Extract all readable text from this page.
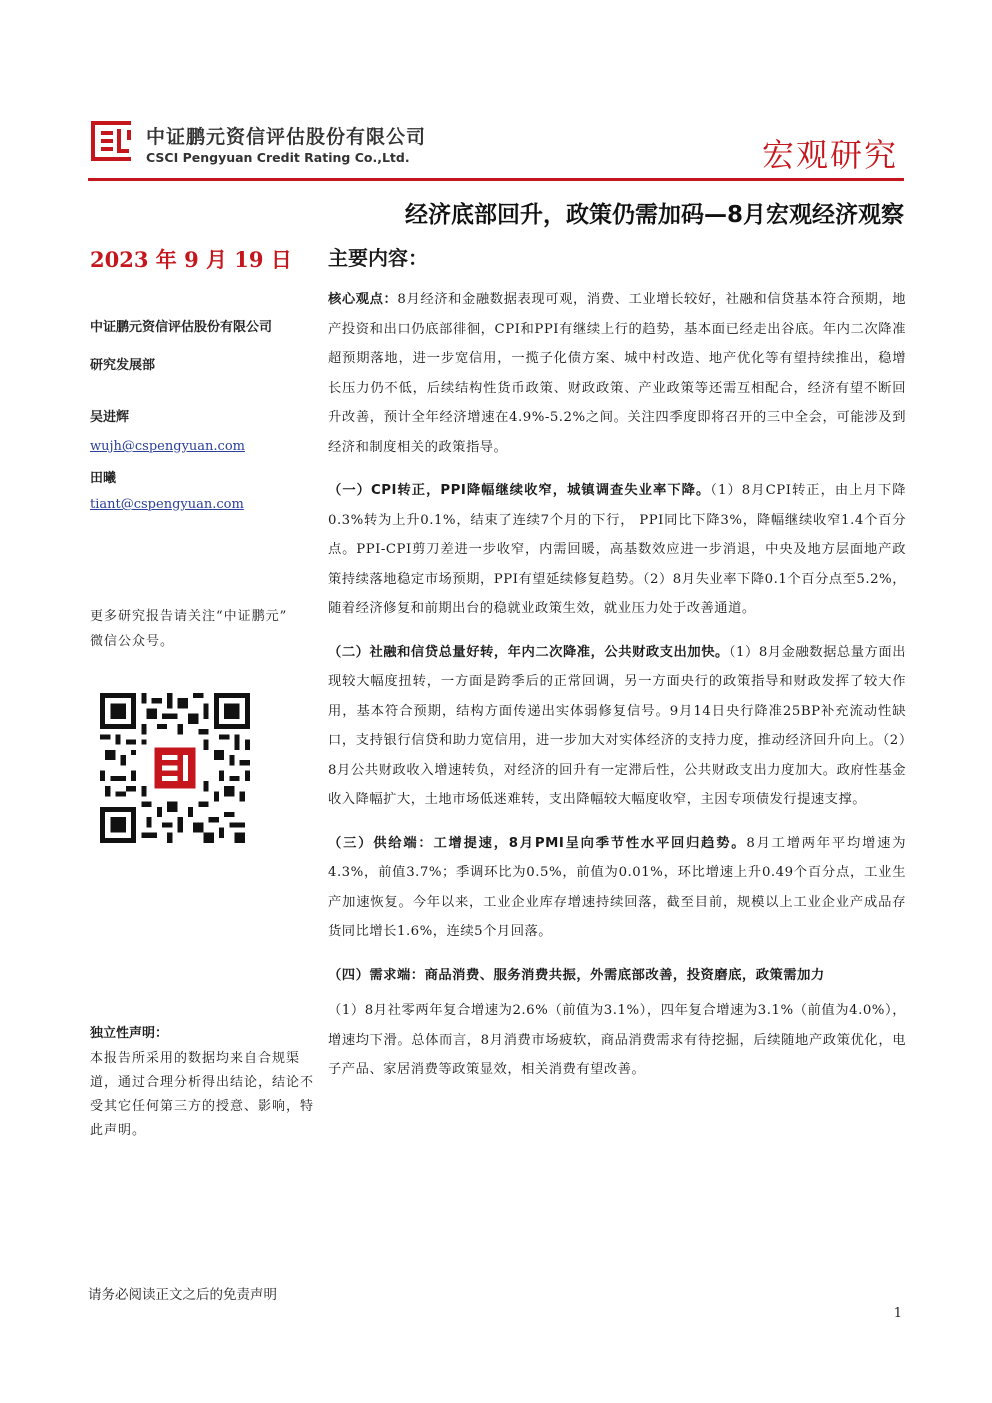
中证鹏元资信评估股份有限公司
CSCI Pengyuan Credit Rating Co.,Ltd.	宏观研究
经济底部回升，政策仍需加码—8月宏观经济观察
2023 年 9 月 19 日
中证鹏元资信评估股份有限公司
研究发展部
吴进辉
wujh@cspengyuan.com
田曦
tiant@cspengyuan.com
更多研究报告请关注“中证鹏元”
微信公众号。
独立性声明：
本报告所采用的数据均来自合规渠道，通过合理分析得出结论，结论不受其它任何第三方的授意、影响，特此声明。
请务必阅读正文之后的免责声明
主要内容：

核心观点：8月经济和金融数据表现可观，消费、工业增长较好，社融和信贷基本符合预期，地产投资和出口仍底部徘徊，CPI和PPI有继续上行的趋势，基本面已经走出谷底。年内二次降准超预期落地，进一步宽信用，一揽子化债方案、城中村改造、地产优化等有望持续推出，稳增长压力仍不低，后续结构性货币政策、财政政策、产业政策等还需互相配合，经济有望不断回升改善，预计全年经济增速在4.9%-5.2%之间。关注四季度即将召开的三中全会，可能涉及到经济和制度相关的政策指导。

（一）CPI转正，PPI降幅继续收窄，城镇调查失业率下降。（1）8月CPI转正，由上月下降0.3%转为上升0.1%，结束了连续7个月的下行， PPI同比下降3%，降幅继续收窄1.4个百分点。PPI-CPI剪刀差进一步收窄，内需回暖，高基数效应进一步消退，中央及地方层面地产政策持续落地稳定市场预期，PPI有望延续修复趋势。（2）8月失业率下降0.1个百分点至5.2%，随着经济修复和前期出台的稳就业政策生效，就业压力处于改善通道。

（二）社融和信贷总量好转，年内二次降准，公共财政支出加快。（1）8月金融数据总量方面出现较大幅度扭转，一方面是跨季后的正常回调，另一方面央行的政策指导和财政发挥了较大作用，基本符合预期，结构方面传递出实体弱修复信号。9月14日央行降准25BP补充流动性缺口，支持银行信贷和助力宽信用，进一步加大对实体经济的支持力度，推动经济回升向上。（2）8月公共财政收入增速转负，对经济的回升有一定滞后性，公共财政支出力度加大。政府性基金收入降幅扩大，土地市场低迷难转，支出降幅较大幅度收窄，主因专项债发行提速支撑。

（三）供给端：工增提速，8月PMI呈向季节性水平回归趋势。8月工增两年平均增速为4.3%，前值3.7%；季调环比为0.5%，前值为0.01%，环比增速上升0.49个百分点，工业生产加速恢复。今年以来，工业企业库存增速持续回落，截至目前，规模以上工业企业产成品存货同比增长1.6%，连续5个月回落。

（四）需求端：商品消费、服务消费共振，外需底部改善，投资磨底，政策需加力

（1）8月社零两年复合增速为2.6%（前值为3.1%），四年复合增速为3.1%（前值为4.0%），增速均下滑。总体而言，8月消费市场疲软，商品消费需求有待挖掘，后续随地产政策优化，电子产品、家居消费等政策显效，相关消费有望改善。

1
